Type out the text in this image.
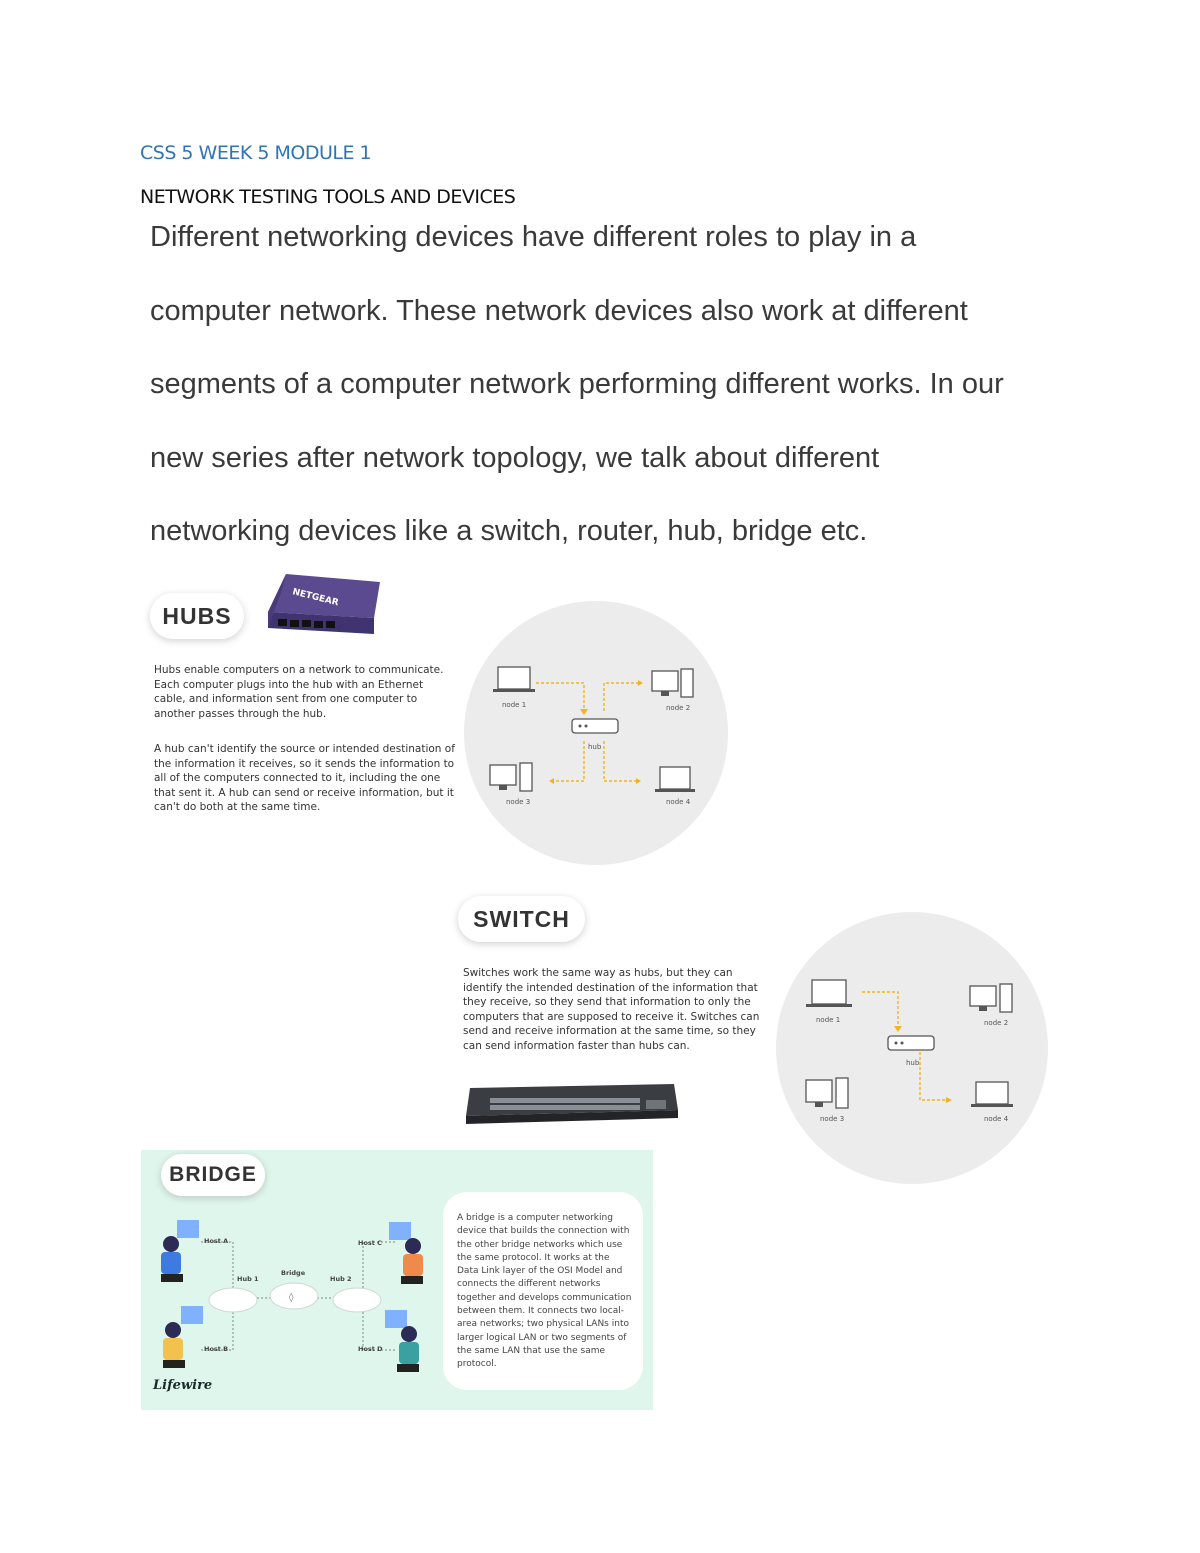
CSS 5 WEEK 5 MODULE 1
NETWORK TESTING TOOLS AND DEVICES
Different networking devices have different roles to play in a
computer network. These network devices also work at different
segments of a computer network performing different works. In our
new series after network topology, we talk about different
networking devices like a switch, router, hub, bridge etc.
HUBS
NETGEAR
Hubs enable computers on a network to communicate. Each computer plugs into the hub with an Ethernet cable, and information sent from one computer to another passes through the hub.
A hub can't identify the source or intended destination of the information it receives, so it sends the information to all of the computers connected to it, including the one that sent it. A hub can send or receive information, but it can't do both at the same time.
node 1	node 2
hub
node 3	node 4
SWITCH
Switches work the same way as hubs, but they can identify the intended destination of the information that they receive, so they send that information to only the computers that are supposed to receive it. Switches can send and receive information at the same time, so they can send information faster than hubs can.
node 1	node 2
hub
node 3	node 4
BRIDGE
◊
Host A
Host B
Host C
Host D
Hub 1	Hub 2
Bridge
Lifewire
A bridge is a computer networking device that builds the connection with the other bridge networks which use the same protocol. It works at the Data Link layer of the OSI Model and connects the different networks together and develops communication between them. It connects two local-area networks; two physical LANs into larger logical LAN or two segments of the same LAN that use the same protocol.
